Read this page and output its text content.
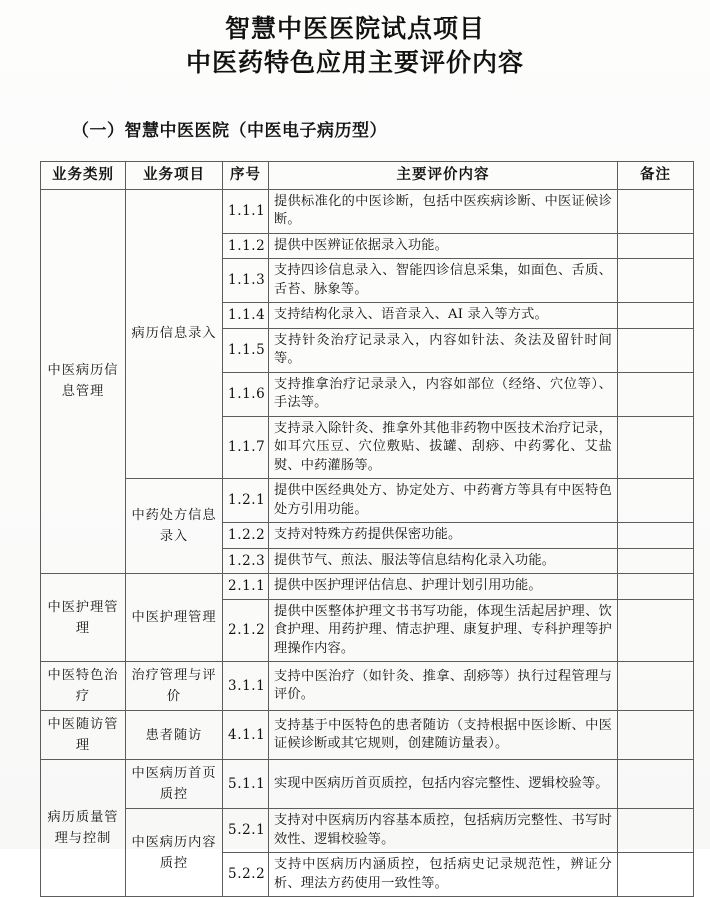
智慧中医医院试点项目
中医药特色应用主要评价内容
（一）智慧中医医院（中医电子病历型）
业务类别	业务项目	序号	主要评价内容	备注
中医病历信息管理	病历信息录入	1.1.1	提供标准化的中医诊断，包括中医疾病诊断、中医证候诊断。	
		1.1.2	提供中医辨证依据录入功能。	
		1.1.3	支持四诊信息录入、智能四诊信息采集，如面色、舌质、舌苔、脉象等。	
		1.1.4	支持结构化录入、语音录入、AI 录入等方式。	
		1.1.5	支持针灸治疗记录录入，内容如针法、灸法及留针时间等。	
		1.1.6	支持推拿治疗记录录入，内容如部位（经络、穴位等）、手法等。	
		1.1.7	支持录入除针灸、推拿外其他非药物中医技术治疗记录，如耳穴压豆、穴位敷贴、拔罐、刮痧、中药雾化、艾盐熨、中药灌肠等。	
	中药处方信息录入	1.2.1	提供中医经典处方、协定处方、中药膏方等具有中医特色处方引用功能。	
		1.2.2	支持对特殊方药提供保密功能。	
		1.2.3	提供节气、煎法、服法等信息结构化录入功能。	
中医护理管理	中医护理管理	2.1.1	提供中医护理评估信息、护理计划引用功能。	
		2.1.2	提供中医整体护理文书书写功能，体现生活起居护理、饮食护理、用药护理、情志护理、康复护理、专科护理等护理操作内容。	
中医特色治疗	治疗管理与评价	3.1.1	支持中医治疗（如针灸、推拿、刮痧等）执行过程管理与评价。	
中医随访管理	患者随访	4.1.1	支持基于中医特色的患者随访（支持根据中医诊断、中医证候诊断或其它规则，创建随访量表）。	
病历质量管理与控制	中医病历首页质控	5.1.1	实现中医病历首页质控，包括内容完整性、逻辑校验等。	
	中医病历内容质控	5.2.1	支持对中医病历内容基本质控，包括病历完整性、书写时效性、逻辑校验等。	
		5.2.2	支持中医病历内涵质控，包括病史记录规范性，辨证分析、理法方药使用一致性等。	
